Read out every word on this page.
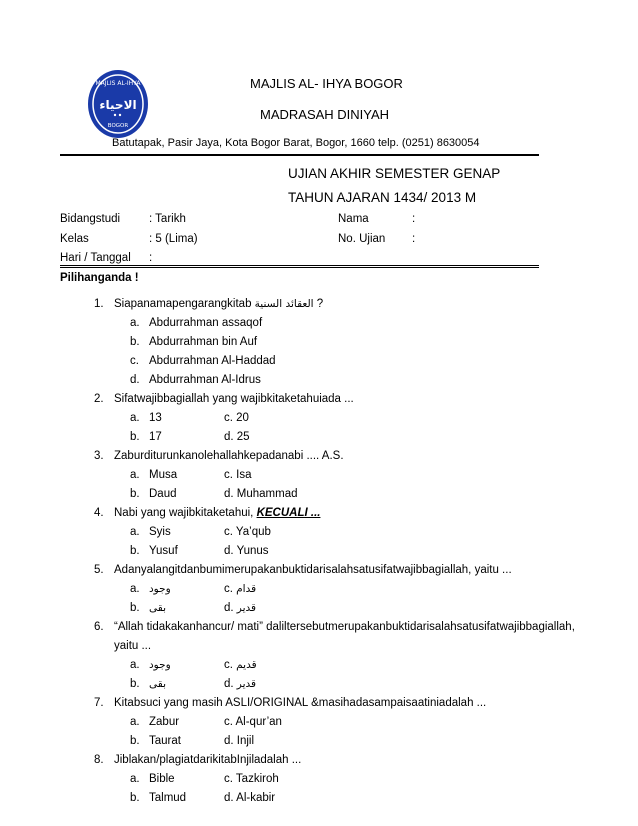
MAJLIS AL-IHYA
الاحياء
BOGOR
MAJLIS AL- IHYA BOGOR
MADRASAH DINIYAH
Batutapak, Pasir Jaya, Kota Bogor Barat, Bogor, 1660 telp. (0251) 8630054
UJIAN AKHIR SEMESTER GENAP
TAHUN AJARAN 1434/ 2013 M
Bidangstudi	: Tarikh	Nama	:
Kelas	: 5 (Lima)	No. Ujian :
Hari / Tanggal :
Pilihanganda !
1. Siapanamapengarangkitab العقائد السنية ?
a. Abdurrahman assaqof
b. Abdurrahman bin Auf
c. Abdurrahman Al-Haddad
d. Abdurrahman Al-Idrus
2. Sifatwajibbagiallah yang wajibkitaketahuiada ...
a. 13	c. 20
b. 17	d. 25
3. Zaburditurunkanolehallahkepadanabi .... A.S.
a. Musa	c. Isa
b. Daud	d. Muhammad
4. Nabi yang wajibkitaketahui, KECUALI ...
a. Syis	c. Ya’qub
b. Yusuf	d. Yunus
5. Adanyalangitdanbumimerupakanbuktidarisalahsatusifatwajibbagiallah, yaitu ...
a. وجود	c. قدام
b. بقى	d. قدير
6. “Allah tidakakanhancur/ mati” daliltersebutmerupakanbuktidarisalahsatusifatwajibbagiallah,
yaitu ...
a. وجود	c. قديم
b. بقى	d. قدير
7. Kitabsuci yang masih ASLI/ORIGINAL &masihadasampaisaatiniadalah ...
a. Zabur	c. Al-qur’an
b. Taurat	d. Injil
8. Jiblakan/plagiatdarikitabInjiladalah ...
a. Bible	c. Tazkiroh
b. Talmud	d. Al-kabir
